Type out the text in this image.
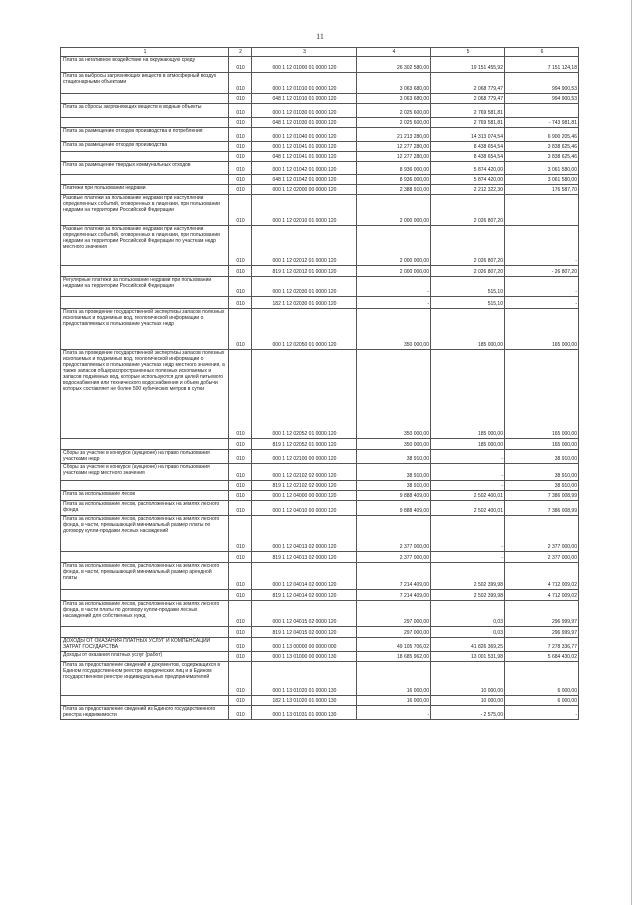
11
1	2	3	4	5	6

Плата за негативное воздействие на окружающую среду	010	000 1 12 01000 01 0000 120	26 302 580,00	19 151 455,92	7 151 124,18

Плата за выбросы загрязняющих веществ в атмосферный воздух стационарными объектами	010	000 1 12 01010 01 0000 120	3 063 680,00	2 068 779,47	994 900,53

	010	048 1 12 01010 01 0000 120	3 063 680,00	2 068 779,47	994 900,53

Плата за сбросы загрязняющих веществ в водные объекты	010	000 1 12 01030 01 0000 120	2 025 600,00	2 769 581,81	

	010	048 1 12 01030 01 0000 120	2 025 600,00	2 769 581,81	- 743 981,81

Плата за размещение отходов производства и потребления	010	000 1 12 01040 01 0000 120	21 213 280,00	14 313 074,54	6 900 205,46

Плата за размещение отходов производства	010	000 1 12 01041 01 0000 120	12 277 280,00	8 438 654,54	3 838 625,46

	010	048 1 12 01041 01 0000 120	12 277 280,00	8 438 654,54	3 838 625,46

Плата за размещение твердых коммунальных отходов	010	000 1 12 01042 01 0000 120	8 936 000,00	5 874 420,00	3 061 580,00

	010	048 1 12 01042 01 0000 120	8 936 000,00	5 874 420,00	3 061 580,00

Платежи при пользовании недрами	010	000 1 12 02000 00 0000 120	2 388 910,00	2 212 322,30	176 587,70

Разовые платежи за пользование недрами при наступлении определенных событий, оговоренных в лицензии, при пользовании недрами на территории Российской Федерации	010	000 1 12 02010 01 0000 120	2 000 000,00	2 026 807,20	

Разовые платежи за пользование недрами при наступлении определенных событий, оговоренных в лицензии, при пользовании недрами на территории Российской Федерации по участкам недр местного значения	010	000 1 12 02012 01 0000 120	2 000 000,00	2 026 807,20	-

	010	819 1 12 02012 01 0000 120	2 000 000,00	2 026 807,20	- 26 807,20

Регулярные платежи за пользование недрами при пользовании недрами на территории Российской Федерации	010	000 1 12 02030 01 0000 120	-	515,10	-

	010	182 1 12 02030 01 0000 120	-	515,10	-

Плата за проведение государственной экспертизы запасов полезных ископаемых и подземных вод, геологической информации о предоставляемых в пользование участках недр	010	000 1 12 02050 01 0000 120	350 000,00	185 000,00	165 000,00

Плата за проведение государственной экспертизы запасов полезных ископаемых и подземных вод, геологической информации о предоставляемых в пользование участках недр местного значения, а также запасов общераспространенных полезных ископаемых и запасов подземных вод, которые используются для целей питьевого водоснабжения или технического водоснабжения и объем добычи которых составляет не более 500 кубических метров в сутки	010	000 1 12 02052 01 0000 120	350 000,00	185 000,00	165 000,00

	010	819 1 12 02052 01 0000 120	350 000,00	185 000,00	165 000,00

Сборы за участие в конкурсе (аукционе) на право пользования участками недр	010	000 1 12 02100 00 0000 120	38 910,00	-	38 910,00

Сборы за участие в конкурсе (аукционе) на право пользования участками недр местного значения	010	000 1 12 02102 02 0000 120	38 910,00	-	38 910,00

	010	819 1 12 02102 02 0000 120	38 910,00	-	38 910,00

Плата за использование лесов	010	000 1 12 04000 00 0000 120	9 888 409,00	2 502 400,01	7 386 008,99

Плата за использование лесов, расположенных на землях лесного фонда	010	000 1 12 04010 00 0000 120	9 888 409,00	2 502 400,01	7 386 008,99

Плата за использование лесов, расположенных на землях лесного фонда, в части, превышающей минимальный размер платы по договору купли-продажи лесных насаждений	010	000 1 12 04013 02 0000 120	2 377 000,00	-	2 377 000,00

	010	819 1 12 04013 02 0000 120	2 377 000,00	-	2 377 000,00

Плата за использование лесов, расположенных на землях лесного фонда, в части, превышающей минимальный размер арендной платы	010	000 1 12 04014 02 0000 120	7 214 409,00	2 502 399,98	4 712 009,02

	010	819 1 12 04014 02 0000 120	7 214 409,00	2 502 399,98	4 712 009,02

Плата за использование лесов, расположенных на землях лесного фонда, в части платы по договору купли-продажи лесных насаждений для собственных нужд	010	000 1 12 04015 02 0000 120	297 000,00	0,03	296 999,97

	010	819 1 12 04015 02 0000 120	297 000,00	0,03	296 999,97

ДОХОДЫ ОТ ОКАЗАНИЯ ПЛАТНЫХ УСЛУГ И КОМПЕНСАЦИИ ЗАТРАТ ГОСУДАРСТВА	010	000 1 13 00000 00 0000 000	49 105 706,02	41 826 369,25	7 278 336,77

Доходы от оказания платных услуг (работ)	010	000 1 13 01000 00 0000 130	18 685 962,00	13 001 531,98	5 684 430,02

Плата за предоставление сведений и документов, содержащихся в Едином государственном реестре юридических лиц и в Едином государственном реестре индивидуальных предпринимателей	010	000 1 13 01020 01 0000 130	16 000,00	10 000,00	6 000,00

	010	182 1 13 01020 01 0000 130	16 000,00	10 000,00	6 000,00

Плата за предоставление сведений из Единого государственного реестра недвижимости	010	000 1 13 01031 01 0000 130	-	- 2 575,00	-
